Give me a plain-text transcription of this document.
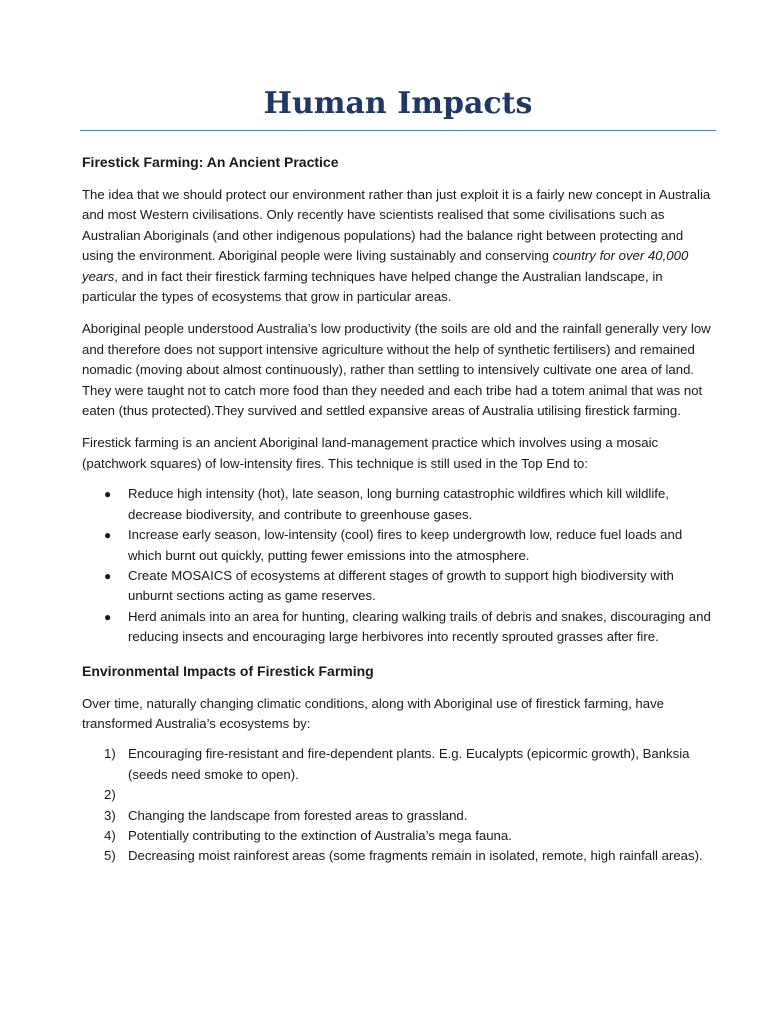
Human Impacts
Firestick Farming: An Ancient Practice

The idea that we should protect our environment rather than just exploit it is a fairly new concept in Australia and most Western civilisations. Only recently have scientists realised that some civilisations such as Australian Aboriginals (and other indigenous populations) had the balance right between protecting and using the environment. Aboriginal people were living sustainably and conserving country for over 40,000 years, and in fact their firestick farming techniques have helped change the Australian landscape, in particular the types of ecosystems that grow in particular areas.

Aboriginal people understood Australia’s low productivity (the soils are old and the rainfall generally very low and therefore does not support intensive agriculture without the help of synthetic fertilisers) and remained nomadic (moving about almost continuously), rather than settling to intensively cultivate one area of land. They were taught not to catch more food than they needed and each tribe had a totem animal that was not eaten (thus protected).They survived and settled expansive areas of Australia utilising firestick farming.

Firestick farming is an ancient Aboriginal land-management practice which involves using a mosaic (patchwork squares) of low-intensity fires. This technique is still used in the Top End to:

● Reduce high intensity (hot), late season, long burning catastrophic wildfires which kill wildlife, decrease biodiversity, and contribute to greenhouse gases.
● Increase early season, low-intensity (cool) fires to keep undergrowth low, reduce fuel loads and which burnt out quickly, putting fewer emissions into the atmosphere.
● Create MOSAICS of ecosystems at different stages of growth to support high biodiversity with unburnt sections acting as game reserves.
● Herd animals into an area for hunting, clearing walking trails of debris and snakes, discouraging and reducing insects and encouraging large herbivores into recently sprouted grasses after fire.
Environmental Impacts of Firestick Farming

Over time, naturally changing climatic conditions, along with Aboriginal use of firestick farming, have transformed Australia’s ecosystems by:

1) Encouraging fire-resistant and fire-dependent plants. E.g. Eucalypts (epicormic growth), Banksia (seeds need smoke to open).
2)
3) Changing the landscape from forested areas to grassland.
4) Potentially contributing to the extinction of Australia’s mega fauna.
5) Decreasing moist rainforest areas (some fragments remain in isolated, remote, high rainfall areas).
